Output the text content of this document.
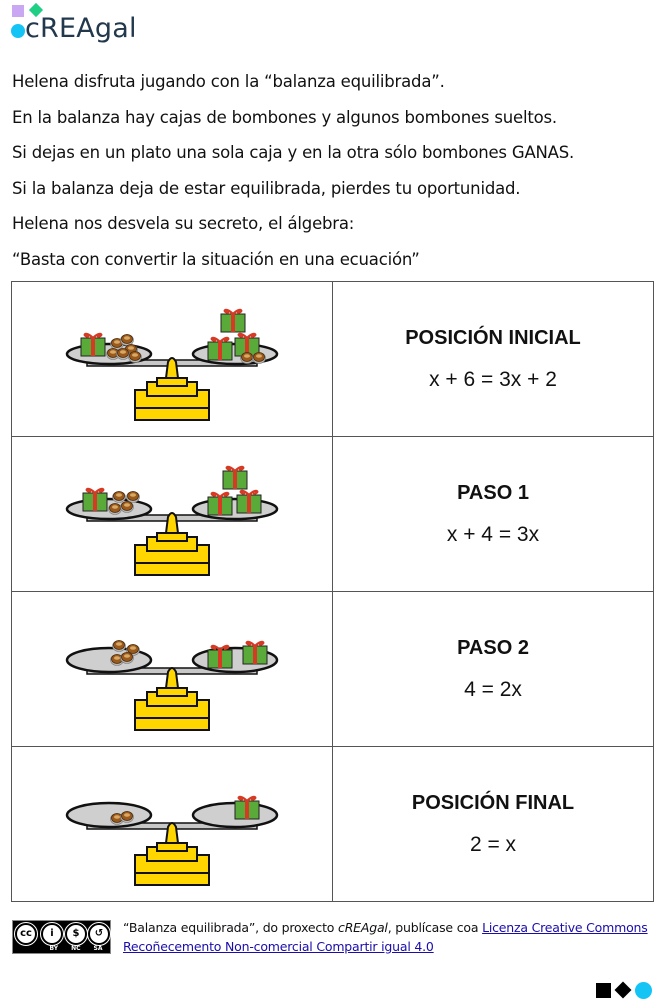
cREAgal

Helena disfruta jugando con la “balanza equilibrada”.

En la balanza hay cajas de bombones y algunos bombones sueltos.

Si dejas en un plato una sola caja y en la otra sólo bombones GANAS.

Si la balanza deja de estar equilibrada, pierdes tu oportunidad.

Helena nos desvela su secreto, el álgebra:

“Basta con convertir la situación en una ecuación”

POSICIÓN INICIAL
x + 6 = 3x + 2

PASO 1
x + 4 = 3x

PASO 2
4 = 2x

POSICIÓN FINAL
2 = x
cc	i	$	↺
BY NC SA
“Balanza equilibrada”, do proxecto cREAgal, publícase coa Licenza Creative Commons
Recoñecemento Non-comercial Compartir igual 4.0
